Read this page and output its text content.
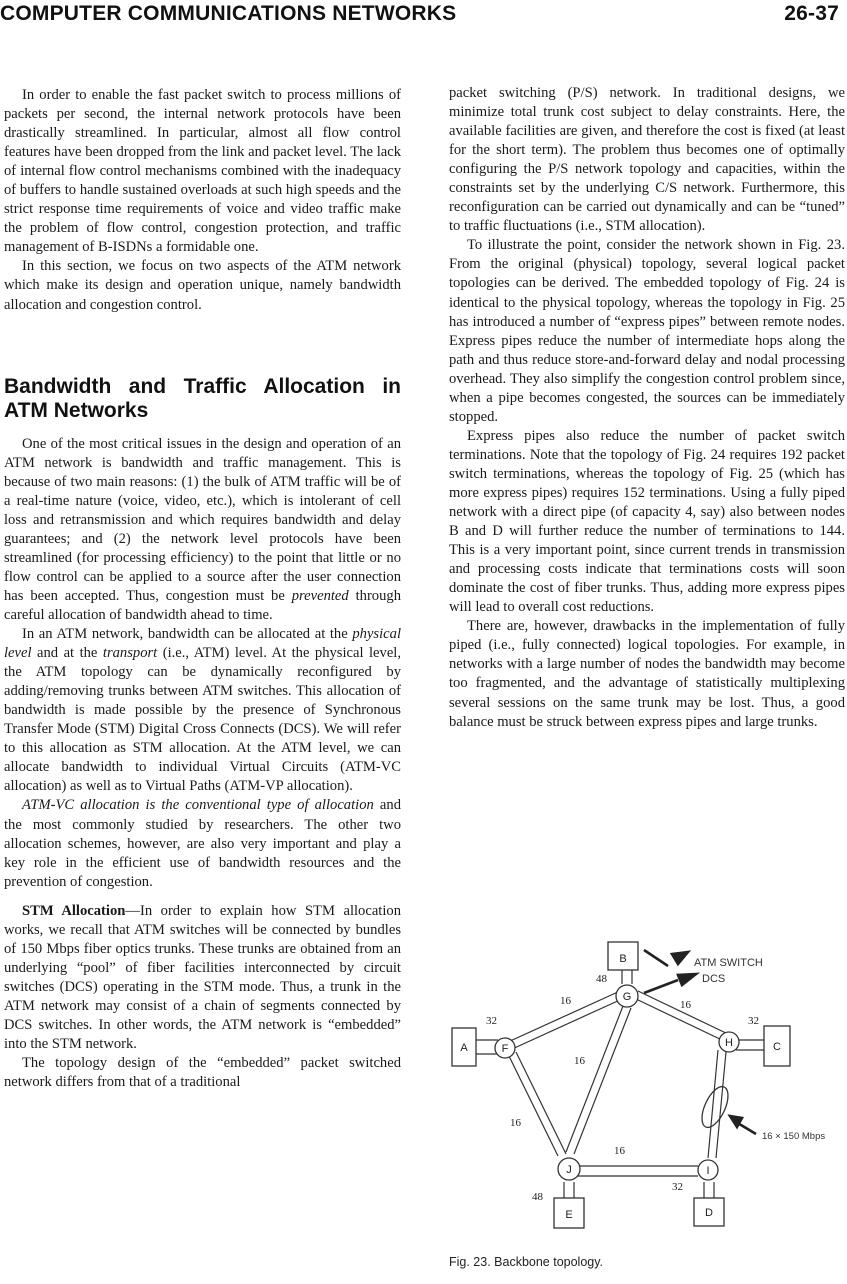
COMPUTER COMMUNICATIONS NETWORKS	26-37

In order to enable the fast packet switch to process millions of packets per second, the internal network protocols have been drastically streamlined. In particular, almost all flow control features have been dropped from the link and packet level. The lack of internal flow control mechanisms combined with the inadequacy of buffers to handle sustained overloads at such high speeds and the strict response time requirements of voice and video traffic make the problem of flow control, congestion protection, and traffic management of B-ISDNs a formidable one.

In this section, we focus on two aspects of the ATM network which make its design and operation unique, namely bandwidth allocation and congestion control.

Bandwidth and Traffic Allocation in ATM Networks

One of the most critical issues in the design and operation of an ATM network is bandwidth and traffic management. This is because of two main reasons: (1) the bulk of ATM traffic will be of a real-time nature (voice, video, etc.), which is intolerant of cell loss and retransmission and which requires bandwidth and delay guarantees; and (2) the network level protocols have been streamlined (for processing efficiency) to the point that little or no flow control can be applied to a source after the user connection has been accepted. Thus, congestion must be prevented through careful allocation of bandwidth ahead to time.

In an ATM network, bandwidth can be allocated at the physical level and at the transport (i.e., ATM) level. At the physical level, the ATM topology can be dynamically reconfigured by adding/removing trunks between ATM switches. This allocation of bandwidth is made possible by the presence of Synchronous Transfer Mode (STM) Digital Cross Connects (DCS). We will refer to this allocation as STM allocation. At the ATM level, we can allocate bandwidth to individual Virtual Circuits (ATM-VC allocation) as well as to Virtual Paths (ATM-VP allocation).

ATM-VC allocation is the conventional type of allocation and the most commonly studied by researchers. The other two allocation schemes, however, are also very important and play a key role in the efficient use of bandwidth resources and the prevention of congestion.

STM Allocation—In order to explain how STM allocation works, we recall that ATM switches will be connected by bundles of 150 Mbps fiber optics trunks. These trunks are obtained from an underlying “pool” of fiber facilities interconnected by circuit switches (DCS) operating in the STM mode. Thus, a trunk in the ATM network may consist of a chain of segments connected by DCS switches. In other words, the ATM network is “embedded” into the STM network.

The topology design of the “embedded” packet switched network differs from that of a traditional

packet switching (P/S) network. In traditional designs, we minimize total trunk cost subject to delay constraints. Here, the available facilities are given, and therefore the cost is fixed (at least for the short term). The problem thus becomes one of optimally configuring the P/S network topology and capacities, within the constraints set by the underlying C/S network. Furthermore, this reconfiguration can be carried out dynamically and can be “tuned” to traffic fluctuations (i.e., STM allocation).

To illustrate the point, consider the network shown in Fig. 23. From the original (physical) topology, several logical packet topologies can be derived. The embedded topology of Fig. 24 is identical to the physical topology, whereas the topology in Fig. 25 has introduced a number of “express pipes” between remote nodes. Express pipes reduce the number of intermediate hops along the path and thus reduce store-and-forward delay and nodal processing overhead. They also simplify the congestion control problem since, when a pipe becomes congested, the sources can be immediately stopped.

Express pipes also reduce the number of packet switch terminations. Note that the topology of Fig. 24 requires 192 packet switch terminations, whereas the topology of Fig. 25 (which has more express pipes) requires 152 terminations. Using a fully piped network with a direct pipe (of capacity 4, say) also between nodes B and D will further reduce the number of terminations to 144. This is a very important point, since current trends in transmission and processing costs indicate that terminations costs will soon dominate the cost of fiber trunks. Thus, adding more express pipes will lead to overall cost reductions.

There are, however, drawbacks in the implementation of fully piped (i.e., fully connected) logical topologies. For example, in networks with a large number of nodes the bandwidth may become too fragmented, and the advantage of statistically multiplexing several sessions on the same trunk may be lost. Thus, a good balance must be struck between express pipes and large trunks.

A
B
C
D
E
F
G
H
I
J
32
48
32
32
48
16	16
16
16
16
ATM SWITCH
DCS
16 × 150 Mbps
Fig. 23. Backbone topology.
